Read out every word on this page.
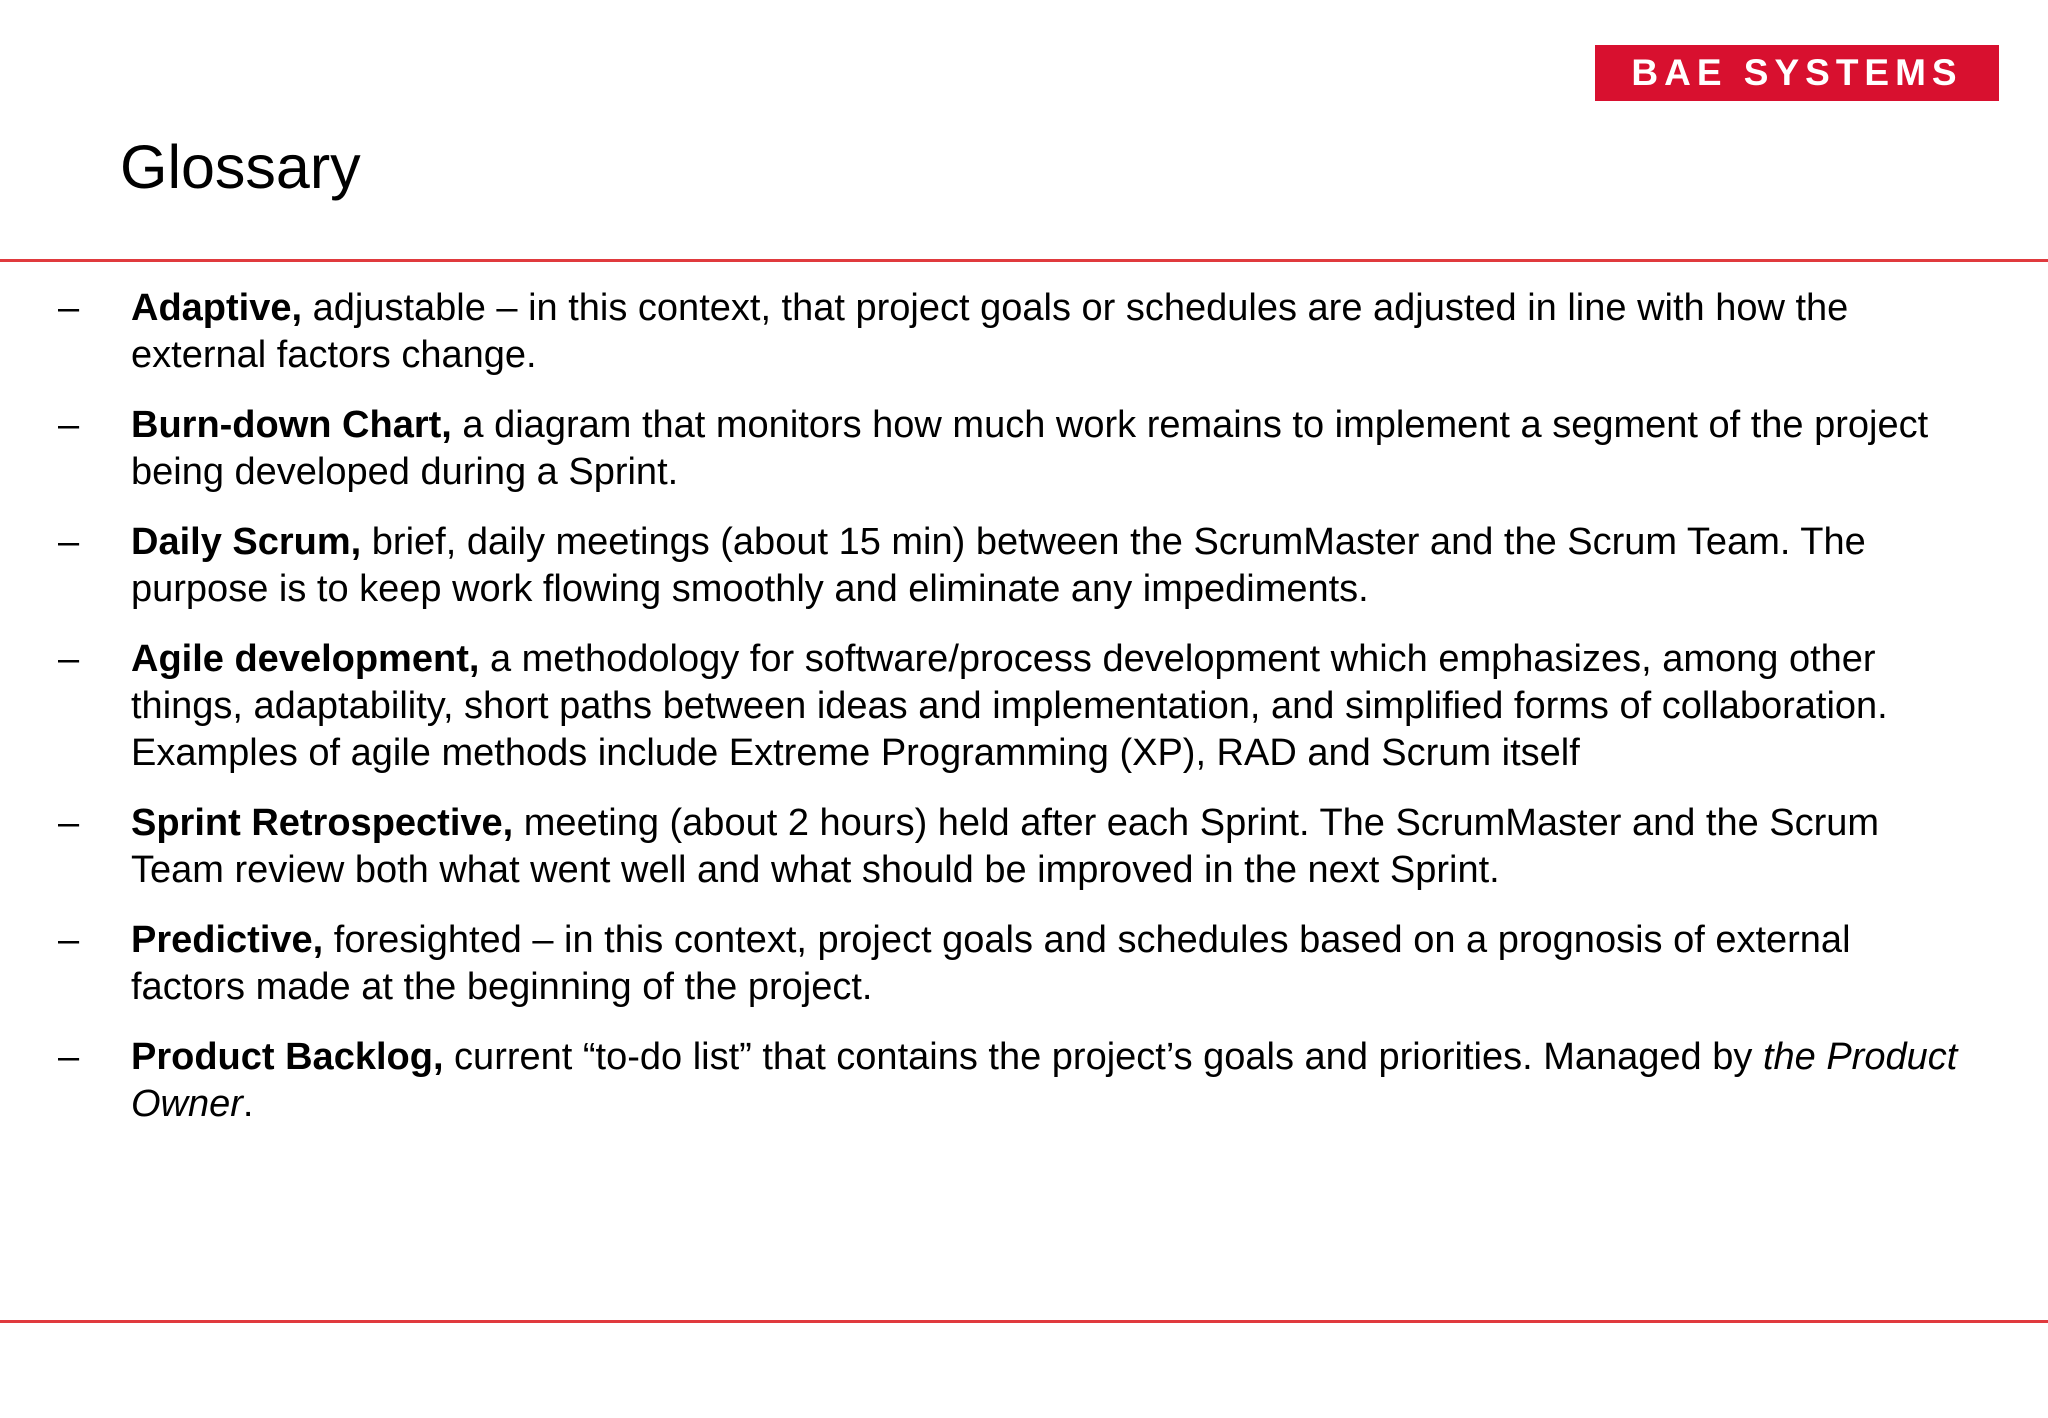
BAE SYSTEMS
Glossary
– Adaptive, adjustable – in this context, that project goals or schedules are adjusted in line with how the external factors change.
– Burn-down Chart, a diagram that monitors how much work remains to implement a segment of the project being developed during a Sprint.
– Daily Scrum, brief, daily meetings (about 15 min) between the ScrumMaster and the Scrum Team. The purpose is to keep work flowing smoothly and eliminate any impediments.
– Agile development, a methodology for software/process development which emphasizes, among other things, adaptability, short paths between ideas and implementation, and simplified forms of collaboration. Examples of agile methods include Extreme Programming (XP), RAD and Scrum itself
– Sprint Retrospective, meeting (about 2 hours) held after each Sprint. The ScrumMaster and the Scrum Team review both what went well and what should be improved in the next Sprint.
– Predictive, foresighted – in this context, project goals and schedules based on a prognosis of external factors made at the beginning of the project.
– Product Backlog, current “to-do list” that contains the project’s goals and priorities. Managed by the Product Owner.
